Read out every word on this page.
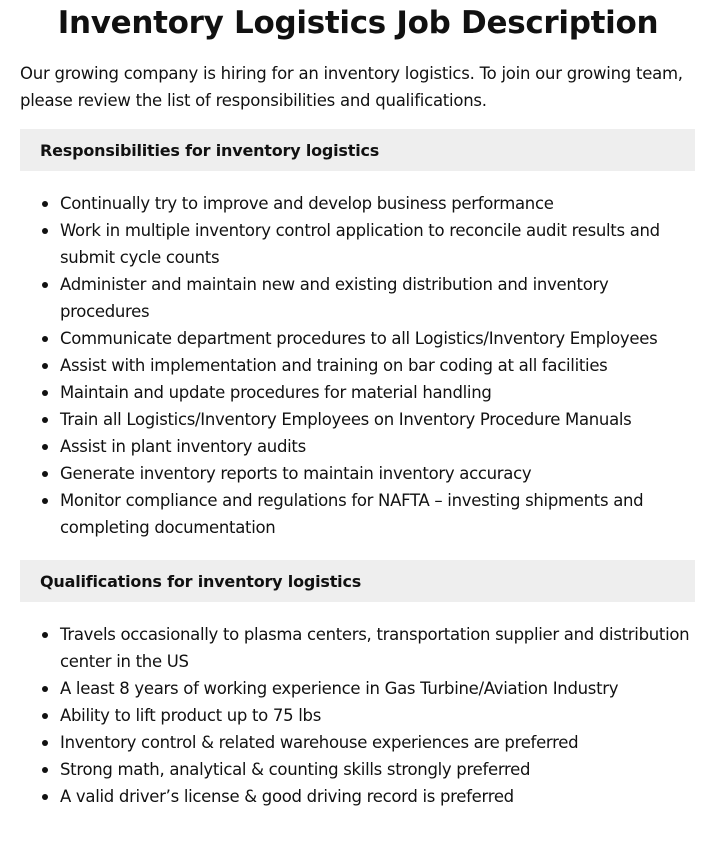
Inventory Logistics Job Description

Our growing company is hiring for an inventory logistics. To join our growing team, please review the list of responsibilities and qualifications.

Responsibilities for inventory logistics
Continually try to improve and develop business performance
Work in multiple inventory control application to reconcile audit results and submit cycle counts
Administer and maintain new and existing distribution and inventory procedures
Communicate department procedures to all Logistics/Inventory Employees
Assist with implementation and training on bar coding at all facilities
Maintain and update procedures for material handling
Train all Logistics/Inventory Employees on Inventory Procedure Manuals
Assist in plant inventory audits
Generate inventory reports to maintain inventory accuracy
Monitor compliance and regulations for NAFTA – investing shipments and completing documentation
Qualifications for inventory logistics
Travels occasionally to plasma centers, transportation supplier and distribution center in the US
A least 8 years of working experience in Gas Turbine/Aviation Industry
Ability to lift product up to 75 lbs
Inventory control & related warehouse experiences are preferred
Strong math, analytical & counting skills strongly preferred
A valid driver’s license & good driving record is preferred
